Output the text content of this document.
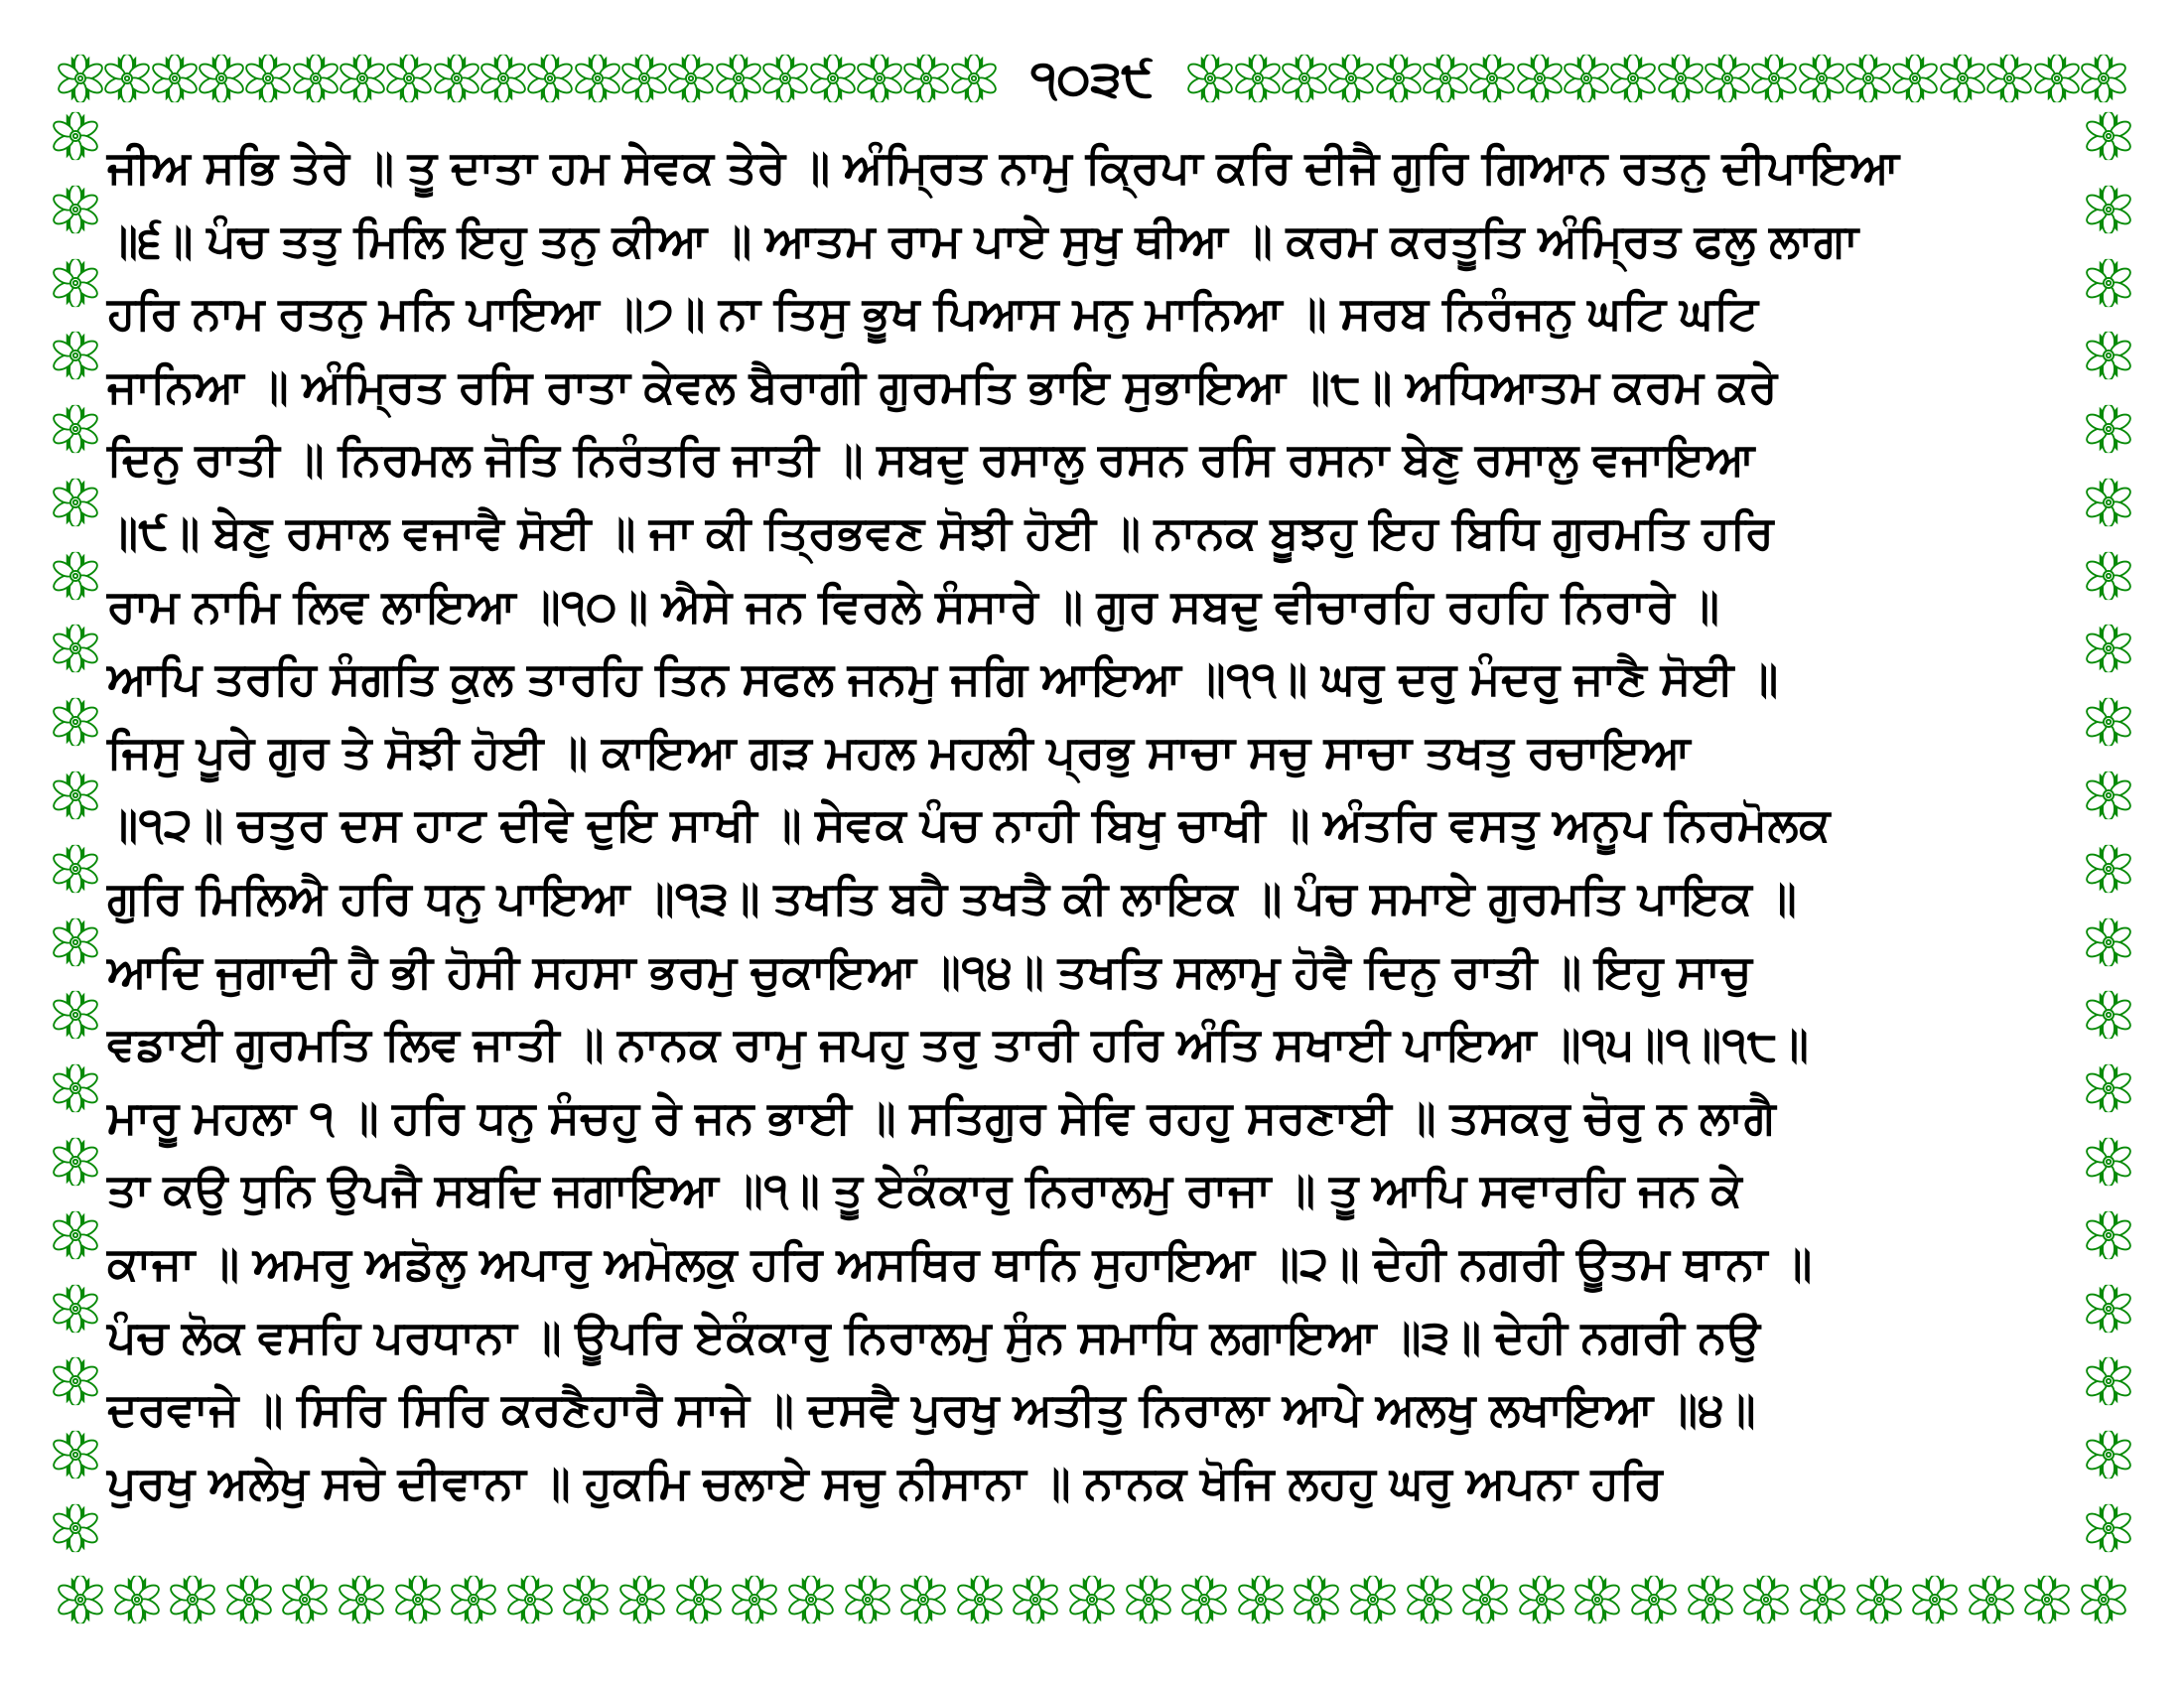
੧੦੩੯
ਜੀਅ ਸਭਿ ਤੇਰੇ ॥ ਤੂ ਦਾਤਾ ਹਮ ਸੇਵਕ ਤੇਰੇ ॥ ਅੰਮ੍ਰਿਤ ਨਾਮੁ ਕ੍ਰਿਪਾ ਕਰਿ ਦੀਜੈ ਗੁਰਿ ਗਿਆਨ ਰਤਨੁ ਦੀਪਾਇਆ
॥੬॥ ਪੰਚ ਤਤੁ ਮਿਲਿ ਇਹੁ ਤਨੁ ਕੀਆ ॥ ਆਤਮ ਰਾਮ ਪਾਏ ਸੁਖੁ ਥੀਆ ॥ ਕਰਮ ਕਰਤੂਤਿ ਅੰਮ੍ਰਿਤ ਫਲੁ ਲਾਗਾ
ਹਰਿ ਨਾਮ ਰਤਨੁ ਮਨਿ ਪਾਇਆ ॥੭॥ ਨਾ ਤਿਸੁ ਭੂਖ ਪਿਆਸ ਮਨੁ ਮਾਨਿਆ ॥ ਸਰਬ ਨਿਰੰਜਨੁ ਘਟਿ ਘਟਿ
ਜਾਨਿਆ ॥ ਅੰਮ੍ਰਿਤ ਰਸਿ ਰਾਤਾ ਕੇਵਲ ਬੈਰਾਗੀ ਗੁਰਮਤਿ ਭਾਇ ਸੁਭਾਇਆ ॥੮॥ ਅਧਿਆਤਮ ਕਰਮ ਕਰੇ
ਦਿਨੁ ਰਾਤੀ ॥ ਨਿਰਮਲ ਜੋਤਿ ਨਿਰੰਤਰਿ ਜਾਤੀ ॥ ਸਬਦੁ ਰਸਾਲੁ ਰਸਨ ਰਸਿ ਰਸਨਾ ਬੇਣੁ ਰਸਾਲੁ ਵਜਾਇਆ
॥੯॥ ਬੇਣੁ ਰਸਾਲ ਵਜਾਵੈ ਸੋਈ ॥ ਜਾ ਕੀ ਤ੍ਰਿਭਵਣ ਸੋਝੀ ਹੋਈ ॥ ਨਾਨਕ ਬੂਝਹੁ ਇਹ ਬਿਧਿ ਗੁਰਮਤਿ ਹਰਿ
ਰਾਮ ਨਾਮਿ ਲਿਵ ਲਾਇਆ ॥੧੦॥ ਐਸੇ ਜਨ ਵਿਰਲੇ ਸੰਸਾਰੇ ॥ ਗੁਰ ਸਬਦੁ ਵੀਚਾਰਹਿ ਰਹਹਿ ਨਿਰਾਰੇ ॥
ਆਪਿ ਤਰਹਿ ਸੰਗਤਿ ਕੁਲ ਤਾਰਹਿ ਤਿਨ ਸਫਲ ਜਨਮੁ ਜਗਿ ਆਇਆ ॥੧੧॥ ਘਰੁ ਦਰੁ ਮੰਦਰੁ ਜਾਣੈ ਸੋਈ ॥
ਜਿਸੁ ਪੂਰੇ ਗੁਰ ਤੇ ਸੋਝੀ ਹੋਈ ॥ ਕਾਇਆ ਗੜ ਮਹਲ ਮਹਲੀ ਪ੍ਰਭੁ ਸਾਚਾ ਸਚੁ ਸਾਚਾ ਤਖਤੁ ਰਚਾਇਆ
॥੧੨॥ ਚਤੁਰ ਦਸ ਹਾਟ ਦੀਵੇ ਦੁਇ ਸਾਖੀ ॥ ਸੇਵਕ ਪੰਚ ਨਾਹੀ ਬਿਖੁ ਚਾਖੀ ॥ ਅੰਤਰਿ ਵਸਤੁ ਅਨੂਪ ਨਿਰਮੋਲਕ
ਗੁਰਿ ਮਿਲਿਐ ਹਰਿ ਧਨੁ ਪਾਇਆ ॥੧੩॥ ਤਖਤਿ ਬਹੈ ਤਖਤੈ ਕੀ ਲਾਇਕ ॥ ਪੰਚ ਸਮਾਏ ਗੁਰਮਤਿ ਪਾਇਕ ॥
ਆਦਿ ਜੁਗਾਦੀ ਹੈ ਭੀ ਹੋਸੀ ਸਹਸਾ ਭਰਮੁ ਚੁਕਾਇਆ ॥੧੪॥ ਤਖਤਿ ਸਲਾਮੁ ਹੋਵੈ ਦਿਨੁ ਰਾਤੀ ॥ ਇਹੁ ਸਾਚੁ
ਵਡਾਈ ਗੁਰਮਤਿ ਲਿਵ ਜਾਤੀ ॥ ਨਾਨਕ ਰਾਮੁ ਜਪਹੁ ਤਰੁ ਤਾਰੀ ਹਰਿ ਅੰਤਿ ਸਖਾਈ ਪਾਇਆ ॥੧੫॥੧॥੧੮॥
ਮਾਰੂ ਮਹਲਾ ੧ ॥ ਹਰਿ ਧਨੁ ਸੰਚਹੁ ਰੇ ਜਨ ਭਾਈ ॥ ਸਤਿਗੁਰ ਸੇਵਿ ਰਹਹੁ ਸਰਣਾਈ ॥ ਤਸਕਰੁ ਚੋਰੁ ਨ ਲਾਗੈ
ਤਾ ਕਉ ਧੁਨਿ ਉਪਜੈ ਸਬਦਿ ਜਗਾਇਆ ॥੧॥ ਤੂ ਏਕੰਕਾਰੁ ਨਿਰਾਲਮੁ ਰਾਜਾ ॥ ਤੂ ਆਪਿ ਸਵਾਰਹਿ ਜਨ ਕੇ
ਕਾਜਾ ॥ ਅਮਰੁ ਅਡੋਲੁ ਅਪਾਰੁ ਅਮੋਲਕੁ ਹਰਿ ਅਸਥਿਰ ਥਾਨਿ ਸੁਹਾਇਆ ॥੨॥ ਦੇਹੀ ਨਗਰੀ ਊਤਮ ਥਾਨਾ ॥
ਪੰਚ ਲੋਕ ਵਸਹਿ ਪਰਧਾਨਾ ॥ ਊਪਰਿ ਏਕੰਕਾਰੁ ਨਿਰਾਲਮੁ ਸੁੰਨ ਸਮਾਧਿ ਲਗਾਇਆ ॥੩॥ ਦੇਹੀ ਨਗਰੀ ਨਉ
ਦਰਵਾਜੇ ॥ ਸਿਰਿ ਸਿਰਿ ਕਰਣੈਹਾਰੈ ਸਾਜੇ ॥ ਦਸਵੈ ਪੁਰਖੁ ਅਤੀਤੁ ਨਿਰਾਲਾ ਆਪੇ ਅਲਖੁ ਲਖਾਇਆ ॥੪॥
ਪੁਰਖੁ ਅਲੇਖੁ ਸਚੇ ਦੀਵਾਨਾ ॥ ਹੁਕਮਿ ਚਲਾਏ ਸਚੁ ਨੀਸਾਨਾ ॥ ਨਾਨਕ ਖੋਜਿ ਲਹਹੁ ਘਰੁ ਅਪਨਾ ਹਰਿ
